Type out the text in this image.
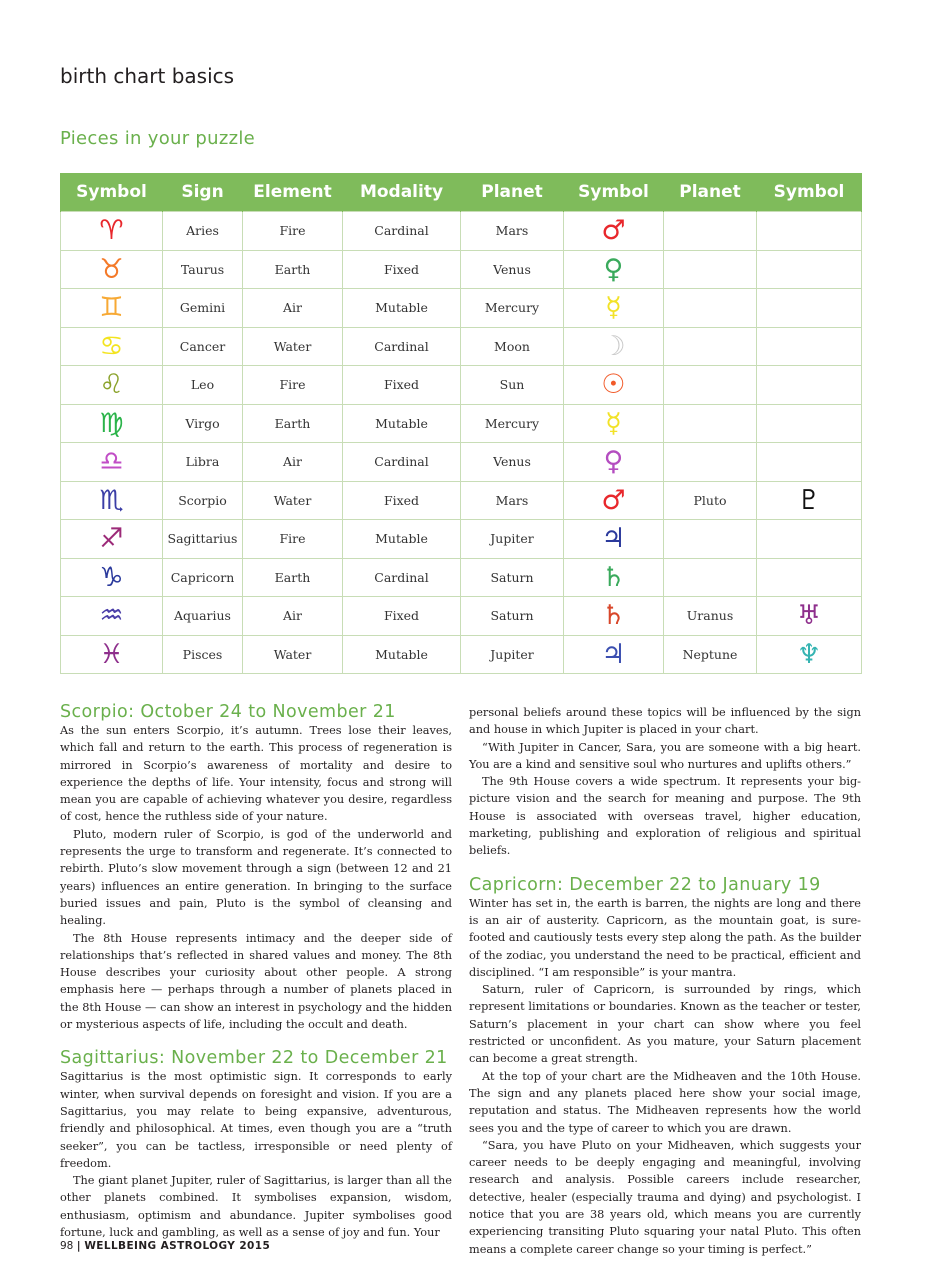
birth chart basics
Pieces in your puzzle
Symbol	Sign	Element	Modality	Planet	Symbol	Planet	Symbol
♈	Aries	Fire	Cardinal	Mars	♂		
♉	Taurus	Earth	Fixed	Venus	♀		
♊	Gemini	Air	Mutable	Mercury	☿		
♋	Cancer	Water	Cardinal	Moon	☽		
♌	Leo	Fire	Fixed	Sun	☉		
♍	Virgo	Earth	Mutable	Mercury	☿		
♎	Libra	Air	Cardinal	Venus	♀		
♏	Scorpio	Water	Fixed	Mars	♂	Pluto	♇
♐	Sagittarius	Fire	Mutable	Jupiter	♃		
♑	Capricorn	Earth	Cardinal	Saturn	♄		
♒	Aquarius	Air	Fixed	Saturn	♄	Uranus	♅
♓	Pisces	Water	Mutable	Jupiter	♃	Neptune	♆
Scorpio: October 24 to November 21

As the sun enters Scorpio, it’s autumn. Trees lose their leaves, which fall and return to the earth. This process of regeneration is mirrored in Scorpio’s awareness of mortality and desire to experience the depths of life. Your intensity, focus and strong will mean you are capable of achieving whatever you desire, regardless of cost, hence the ruthless side of your nature.

Pluto, modern ruler of Scorpio, is god of the underworld and represents the urge to transform and regenerate. It’s connected to rebirth. Pluto’s slow movement through a sign (between 12 and 21 years) influences an entire generation. In bringing to the surface buried issues and pain, Pluto is the symbol of cleansing and healing.

The 8th House represents intimacy and the deeper side of relationships that’s reflected in shared values and money. The 8th House describes your curiosity about other people. A strong emphasis here — perhaps through a number of planets placed in the 8th House — can show an interest in psychology and the hidden or mysterious aspects of life, including the occult and death.

Sagittarius: November 22 to December 21

Sagittarius is the most optimistic sign. It corresponds to early winter, when survival depends on foresight and vision. If you are a Sagittarius, you may relate to being expansive, adventurous, friendly and philosophical. At times, even though you are a “truth seeker”, you can be tactless, irresponsible or need plenty of freedom.

The giant planet Jupiter, ruler of Sagittarius, is larger than all the other planets combined. It symbolises expansion, wisdom, enthusiasm, optimism and abundance. Jupiter symbolises good fortune, luck and gambling, as well as a sense of joy and fun. Your

personal beliefs around these topics will be influenced by the sign and house in which Jupiter is placed in your chart.

“With Jupiter in Cancer, Sara, you are someone with a big heart. You are a kind and sensitive soul who nurtures and uplifts others.”

The 9th House covers a wide spectrum. It represents your big-picture vision and the search for meaning and purpose. The 9th House is associated with overseas travel, higher education, marketing, publishing and exploration of religious and spiritual beliefs.

Capricorn: December 22 to January 19

Winter has set in, the earth is barren, the nights are long and there is an air of austerity. Capricorn, as the mountain goat, is sure-footed and cautiously tests every step along the path. As the builder of the zodiac, you understand the need to be practical, efficient and disciplined. “I am responsible” is your mantra.

Saturn, ruler of Capricorn, is surrounded by rings, which represent limitations or boundaries. Known as the teacher or tester, Saturn’s placement in your chart can show where you feel restricted or unconfident. As you mature, your Saturn placement can become a great strength.

At the top of your chart are the Midheaven and the 10th House. The sign and any planets placed here show your social image, reputation and status. The Midheaven represents how the world sees you and the type of career to which you are drawn.

“Sara, you have Pluto on your Midheaven, which suggests your career needs to be deeply engaging and meaningful, involving research and analysis. Possible careers include researcher, detective, healer (especially trauma and dying) and psychologist. I notice that you are 38 years old, which means you are currently experiencing transiting Pluto squaring your natal Pluto. This often means a complete career change so your timing is perfect.”

98 | WELLBEING ASTROLOGY 2015
